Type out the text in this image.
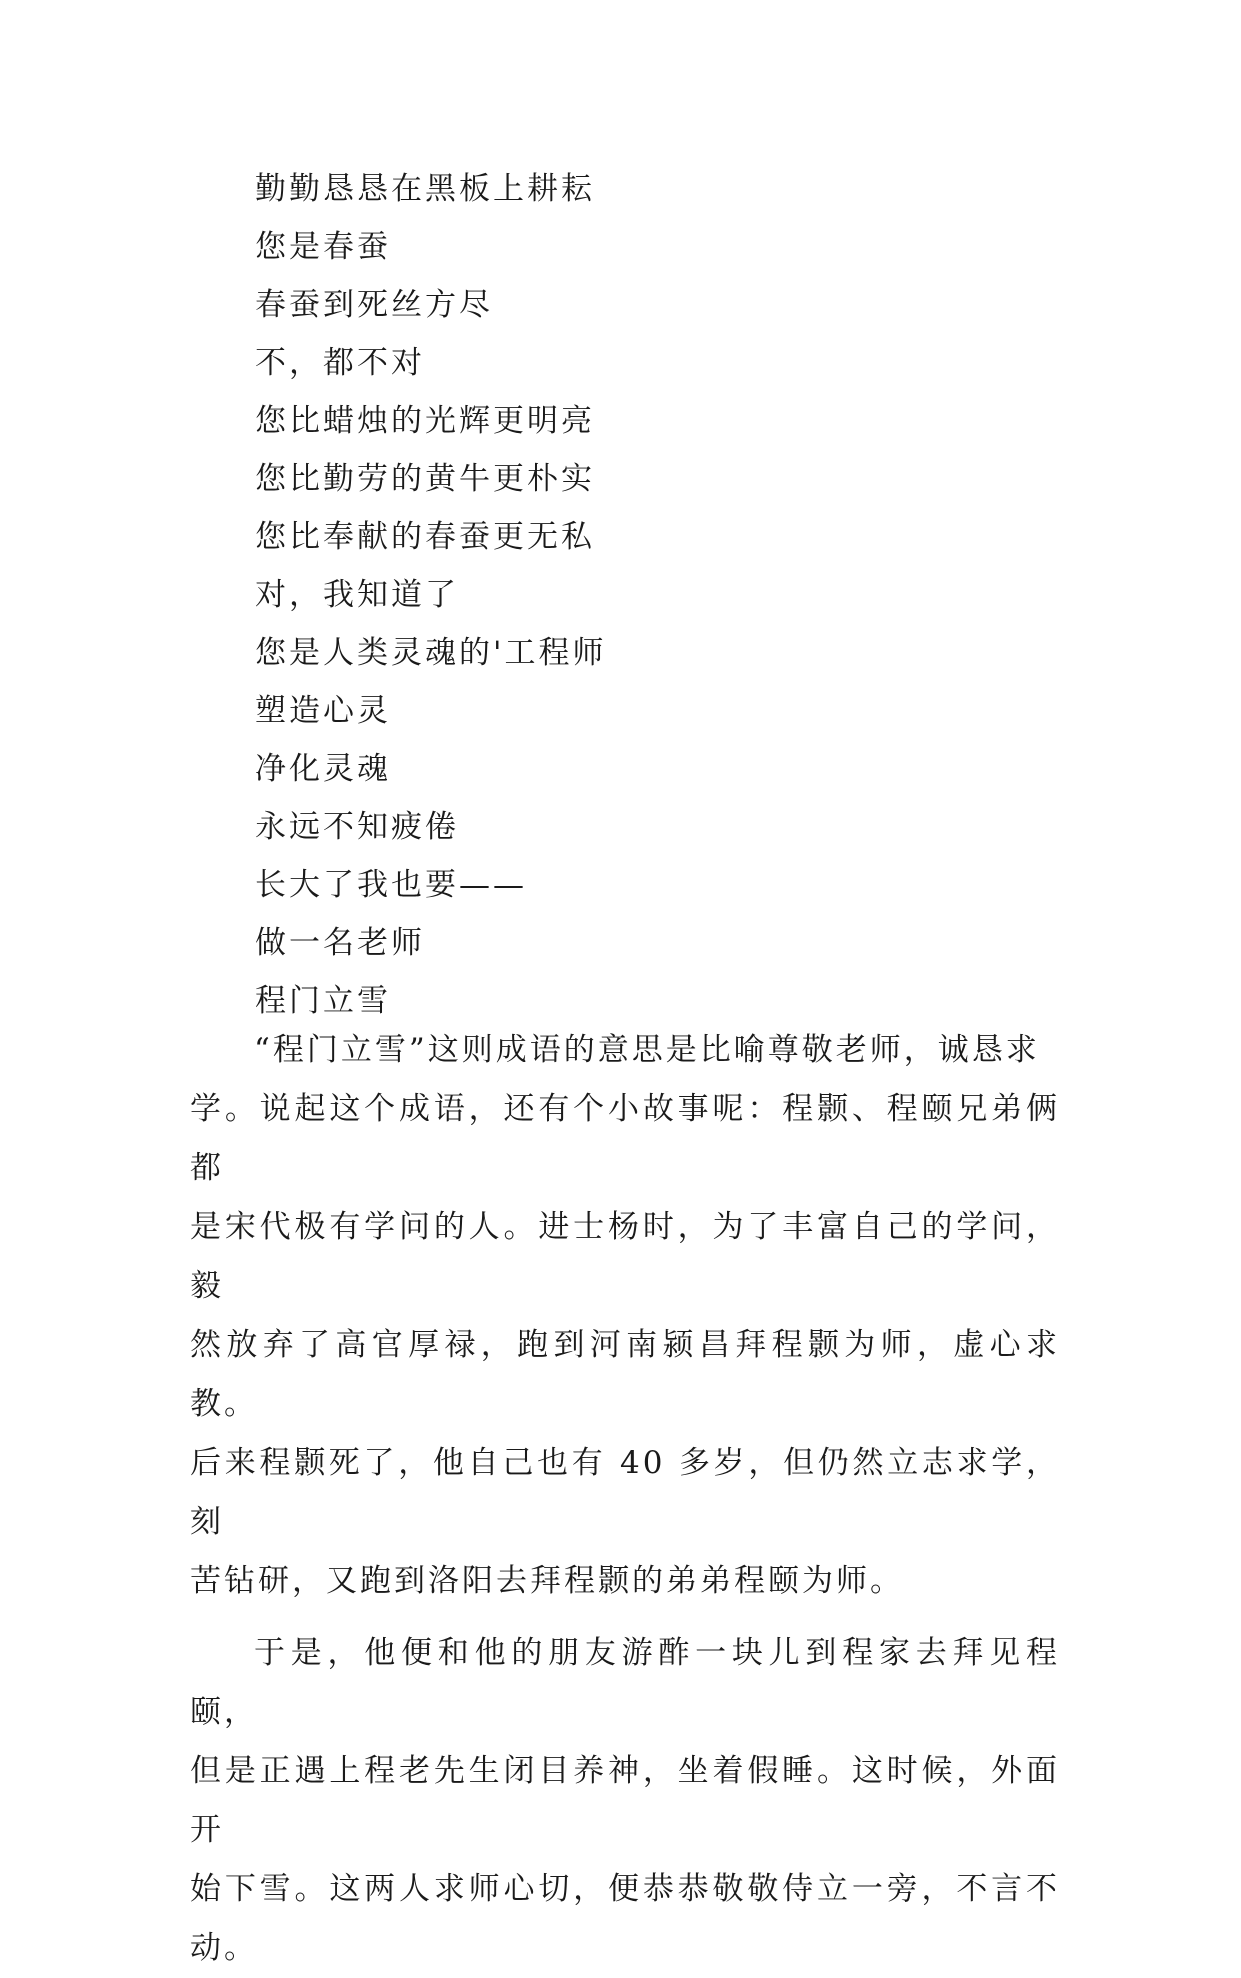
勤勤恳恳在黑板上耕耘
您是春蚕
春蚕到死丝方尽
不，都不对
您比蜡烛的光辉更明亮
您比勤劳的黄牛更朴实
您比奉献的春蚕更无私
对，我知道了
您是人类灵魂的'工程师
塑造心灵
净化灵魂
永远不知疲倦
长大了我也要——
做一名老师
程门立雪

“程门立雪”这则成语的意思是比喻尊敬老师，诚恳求
学。说起这个成语，还有个小故事呢：程颢、程颐兄弟俩都
是宋代极有学问的人。进士杨时，为了丰富自己的学问，毅
然放弃了高官厚禄，跑到河南颍昌拜程颢为师，虚心求教。
后来程颢死了，他自己也有 40 多岁，但仍然立志求学，刻
苦钻研，又跑到洛阳去拜程颢的弟弟程颐为师。

于是，他便和他的朋友游酢一块儿到程家去拜见程颐，
但是正遇上程老先生闭目养神，坐着假睡。这时候，外面开
始下雪。这两人求师心切，便恭恭敬敬侍立一旁，不言不动。
